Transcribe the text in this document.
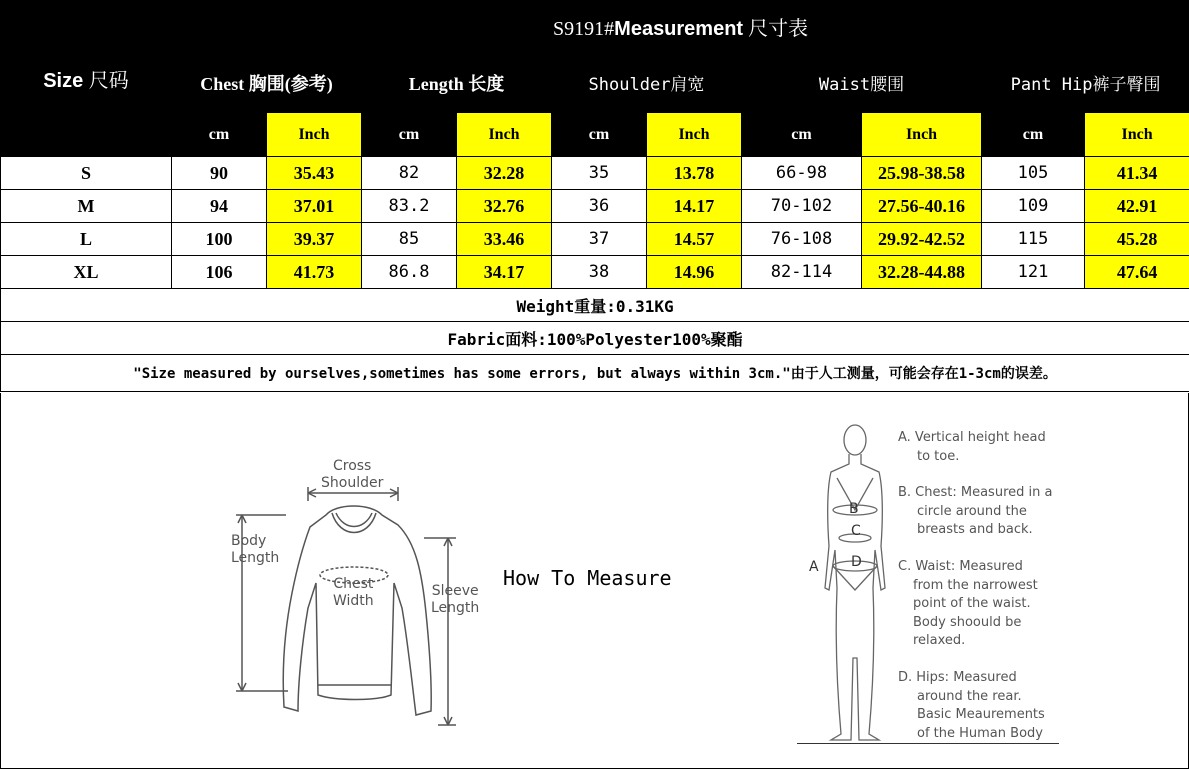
Size 尺码	S9191#Measurement 尺寸表									
	Chest 胸围(参考)		Length 长度		Shoulder肩宽		Waist腰围		Pant Hip裤子臀围	
	cm	Inch	cm	Inch	cm	Inch	cm	Inch	cm	Inch
S	90	35.43	82	32.28	35	13.78	66-98	25.98-38.58	105	41.34
M	94	37.01	83.2	32.76	36	14.17	70-102	27.56-40.16	109	42.91
L	100	39.37	85	33.46	37	14.57	76-108	29.92-42.52	115	45.28
XL	106	41.73	86.8	34.17	38	14.96	82-114	32.28-44.88	121	47.64
Weight重量:0.31KG										
Fabric面料:100%Polyester100%聚酯										
"Size measured by ourselves,sometimes has some errors, but always within 3cm."由于人工测量，可能会存在1-3cm的误差。										
Cross
Shoulder
Body
Length
Chest
Width
Sleeve
Length
How To Measure	A
B
C
D
A. Vertical height head
to toe.
B. Chest: Measured in a
circle around the
breasts and back.
C. Waist: Measured
from the narrowest
point of the waist.
Body shoould be
relaxed.
D. Hips: Measured
around the rear.
Basic Meaurements
of the Human Body
